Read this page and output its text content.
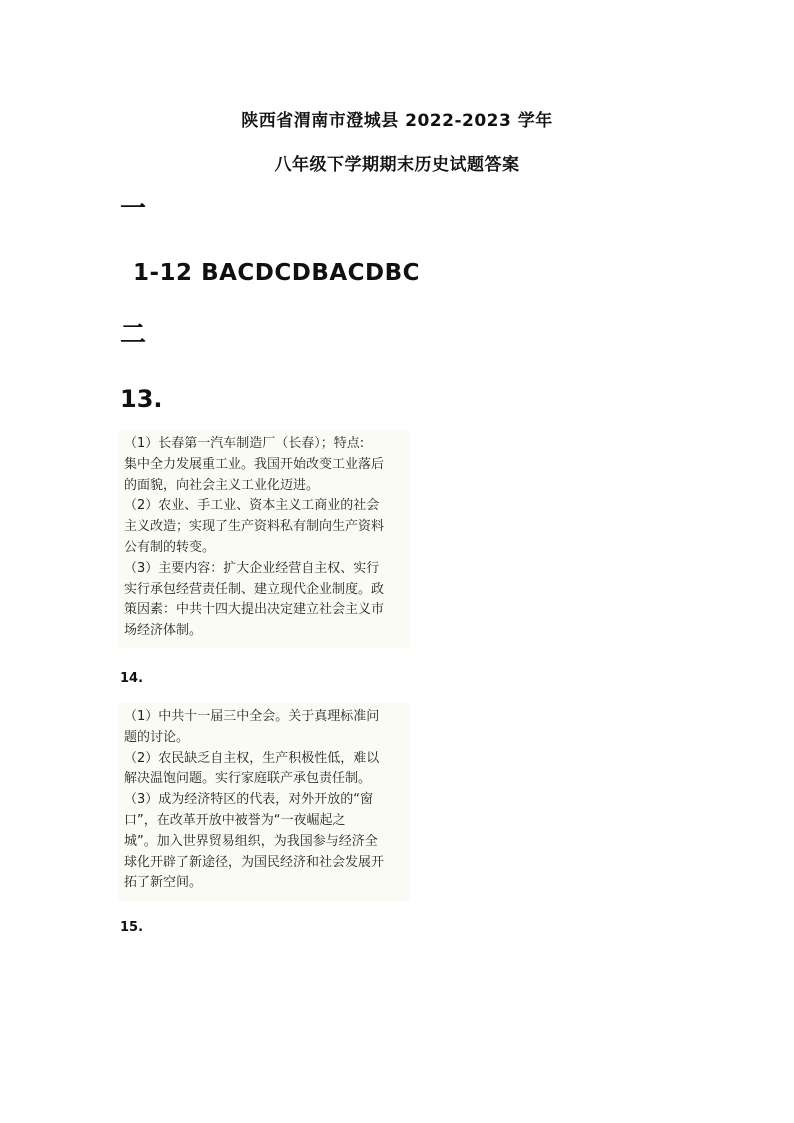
陕西省渭南市澄城县 2022-2023 学年
八年级下学期期末历史试题答案
一
1-12 BACDCDBACDBC
二
13.

（1）长春第一汽车制造厂（长春）；特点:

集中全力发展重工业。我国开始改变工业落后

的面貌，向社会主义工业化迈进。

（2）农业、手工业、资本主义工商业的社会

主义改造；实现了生产资料私有制向生产资料

公有制的转变。

（3）主要内容：扩大企业经营自主权、实行

实行承包经营责任制、建立现代企业制度。政

策因素：中共十四大提出决定建立社会主义市

场经济体制。

14.

（1）中共十一届三中全会。关于真理标准问

题的讨论。

（2）农民缺乏自主权，生产积极性低，难以

解决温饱问题。实行家庭联产承包责任制。

（3）成为经济特区的代表，对外开放的“窗

口”，在改革开放中被誉为“一夜崛起之

城”。加入世界贸易组织，为我国参与经济全

球化开辟了新途径，为国民经济和社会发展开

拓了新空间。

15.
